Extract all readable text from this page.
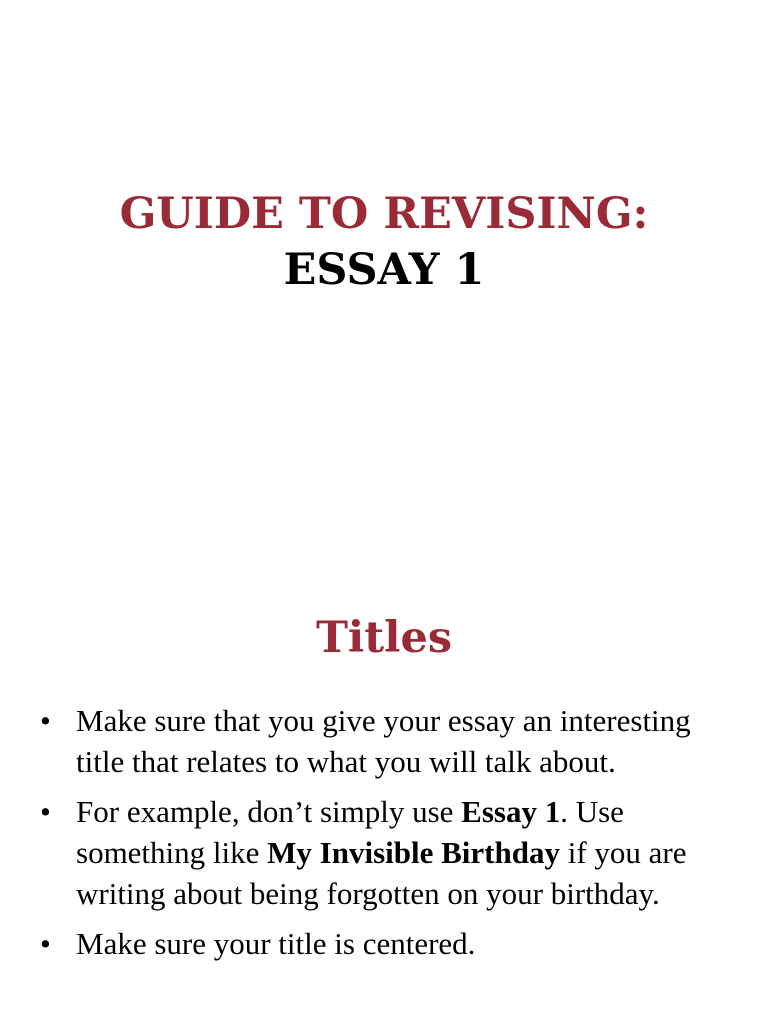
GUIDE TO REVISING:
ESSAY 1
Titles
• Make sure that you give your essay an interesting title that relates to what you will talk about.
• For example, don’t simply use Essay 1. Use something like My Invisible Birthday if you are writing about being forgotten on your birthday.
• Make sure your title is centered.
